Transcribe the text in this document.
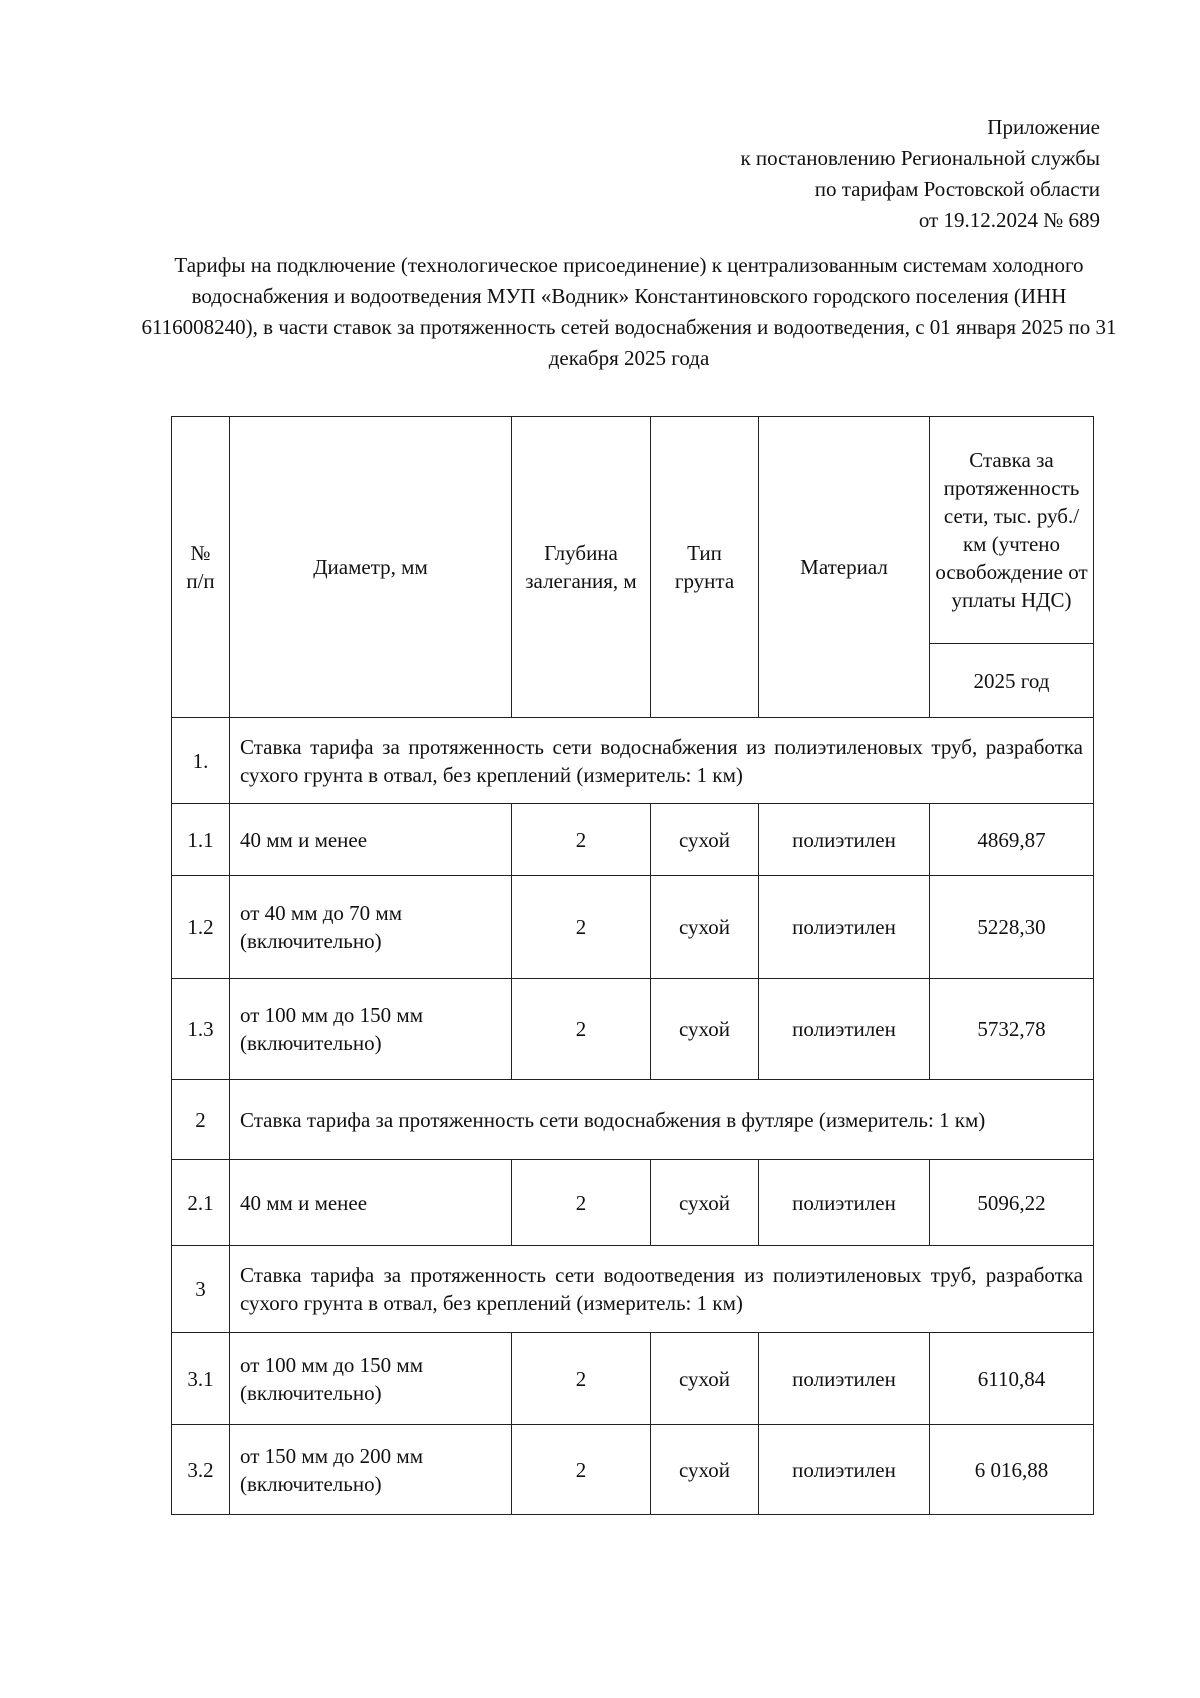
Приложение
к постановлению Региональной службы
по тарифам Ростовской области
от 19.12.2024 № 689
Тарифы на подключение (технологическое присоединение) к централизованным системам холодного водоснабжения и водоотведения МУП «Водник» Константиновского городского поселения (ИНН 6116008240), в части ставок за протяженность сетей водоснабжения и водоотведения, с 01 января 2025 по 31 декабря 2025 года
№ п/п	Диаметр, мм	Глубина залегания, м	Тип грунта	Материал	Ставка за протяженность сети, тыс. руб./км (учтено освобождение от уплаты НДС)
					2025 год
1.	Ставка тарифа за протяженность сети водоснабжения из полиэтиленовых труб, разработка сухого грунта в отвал, без креплений (измеритель: 1 км)				
1.1	40 мм и менее	2	сухой	полиэтилен	4869,87
1.2	от 40 мм до 70 мм (включительно)	2	сухой	полиэтилен	5228,30
1.3	от 100 мм до 150 мм (включительно)	2	сухой	полиэтилен	5732,78
2	Ставка тарифа за протяженность сети водоснабжения в футляре (измеритель: 1 км)				
2.1	40 мм и менее	2	сухой	полиэтилен	5096,22
3	Ставка тарифа за протяженность сети водоотведения из полиэтиленовых труб, разработка сухого грунта в отвал, без креплений (измеритель: 1 км)				
3.1	от 100 мм до 150 мм (включительно)	2	сухой	полиэтилен	6110,84
3.2	от 150 мм до 200 мм (включительно)	2	сухой	полиэтилен	6 016,88
